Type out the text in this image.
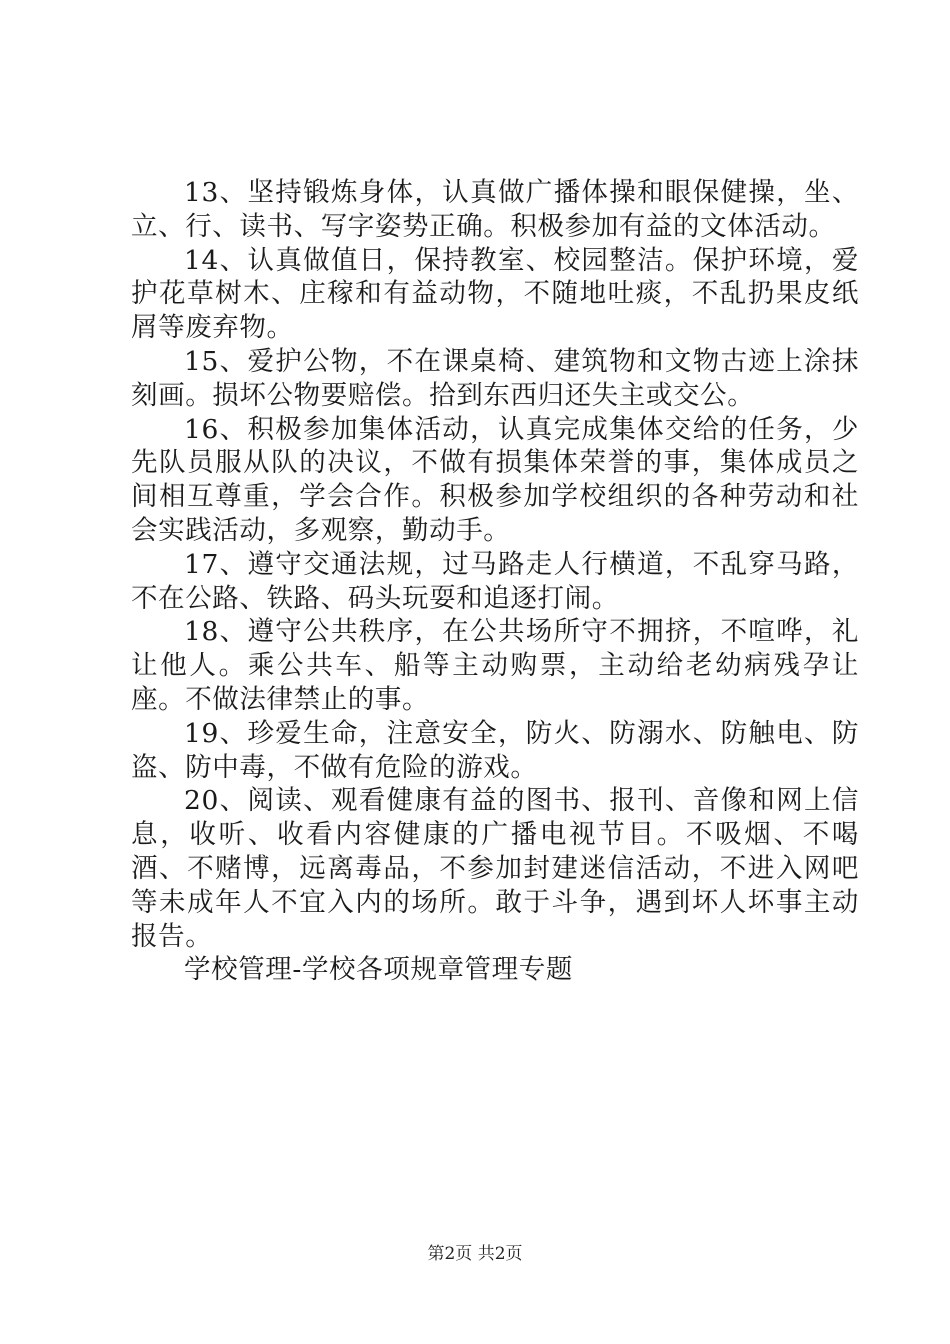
13、坚持锻炼身体，认真做广播体操和眼保健操，坐、立、行、读书、写字姿势正确。积极参加有益的文体活动。

14、认真做值日，保持教室、校园整洁。保护环境，爱护花草树木、庄稼和有益动物，不随地吐痰，不乱扔果皮纸屑等废弃物。

15、爱护公物，不在课桌椅、建筑物和文物古迹上涂抹刻画。损坏公物要赔偿。拾到东西归还失主或交公。

16、积极参加集体活动，认真完成集体交给的任务，少先队员服从队的决议，不做有损集体荣誉的事，集体成员之间相互尊重，学会合作。积极参加学校组织的各种劳动和社会实践活动，多观察，勤动手。

17、遵守交通法规，过马路走人行横道，不乱穿马路，不在公路、铁路、码头玩耍和追逐打闹。

18、遵守公共秩序，在公共场所守不拥挤，不喧哗，礼让他人。乘公共车、船等主动购票，主动给老幼病残孕让座。不做法律禁止的事。

19、珍爱生命，注意安全，防火、防溺水、防触电、防盗、防中毒，不做有危险的游戏。

20、阅读、观看健康有益的图书、报刊、音像和网上信息，收听、收看内容健康的广播电视节目。不吸烟、不喝酒、不赌博，远离毒品，不参加封建迷信活动，不进入网吧等未成年人不宜入内的场所。敢于斗争，遇到坏人坏事主动报告。

学校管理-学校各项规章管理专题

第2页 共2页
